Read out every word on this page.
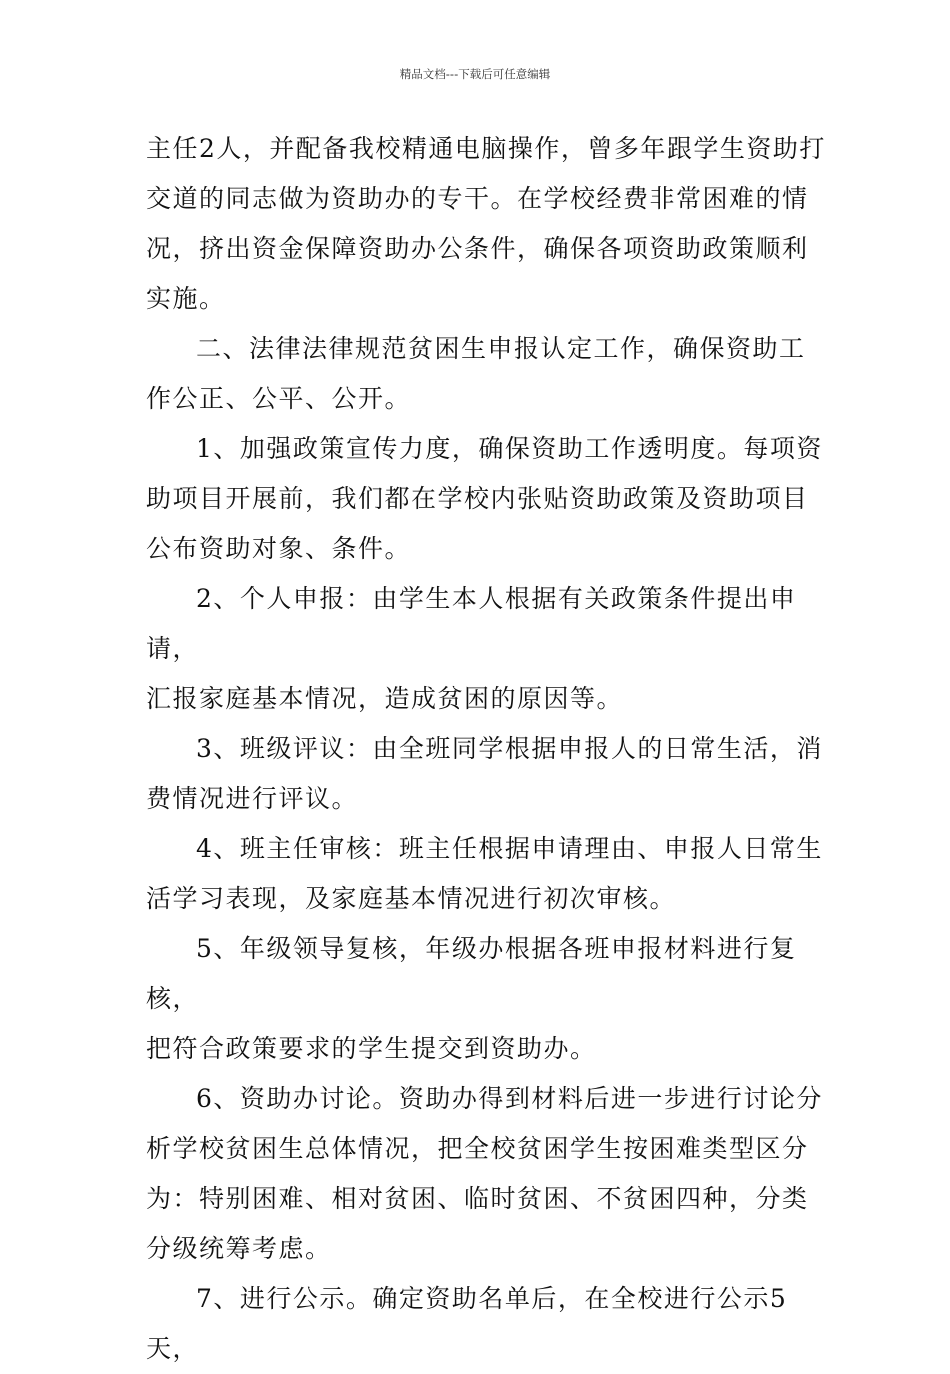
精品文档---下载后可任意编辑

主任2人，并配备我校精通电脑操作，曾多年跟学生资助打
交道的同志做为资助办的专干。在学校经费非常困难的情
况，挤出资金保障资助办公条件，确保各项资助政策顺利
实施。

二、法律法律规范贫困生申报认定工作，确保资助工
作公正、公平、公开。

1、加强政策宣传力度，确保资助工作透明度。每项资
助项目开展前，我们都在学校内张贴资助政策及资助项目
公布资助对象、条件。

2、个人申报：由学生本人根据有关政策条件提出申请，
汇报家庭基本情况，造成贫困的原因等。

3、班级评议：由全班同学根据申报人的日常生活，消
费情况进行评议。

4、班主任审核：班主任根据申请理由、申报人日常生
活学习表现，及家庭基本情况进行初次审核。

5、年级领导复核，年级办根据各班申报材料进行复核，
把符合政策要求的学生提交到资助办。

6、资助办讨论。资助办得到材料后进一步进行讨论分
析学校贫困生总体情况，把全校贫困学生按困难类型区分
为：特别困难、相对贫困、临时贫困、不贫困四种，分类
分级统筹考虑。

7、进行公示。确定资助名单后，在全校进行公示5天，
